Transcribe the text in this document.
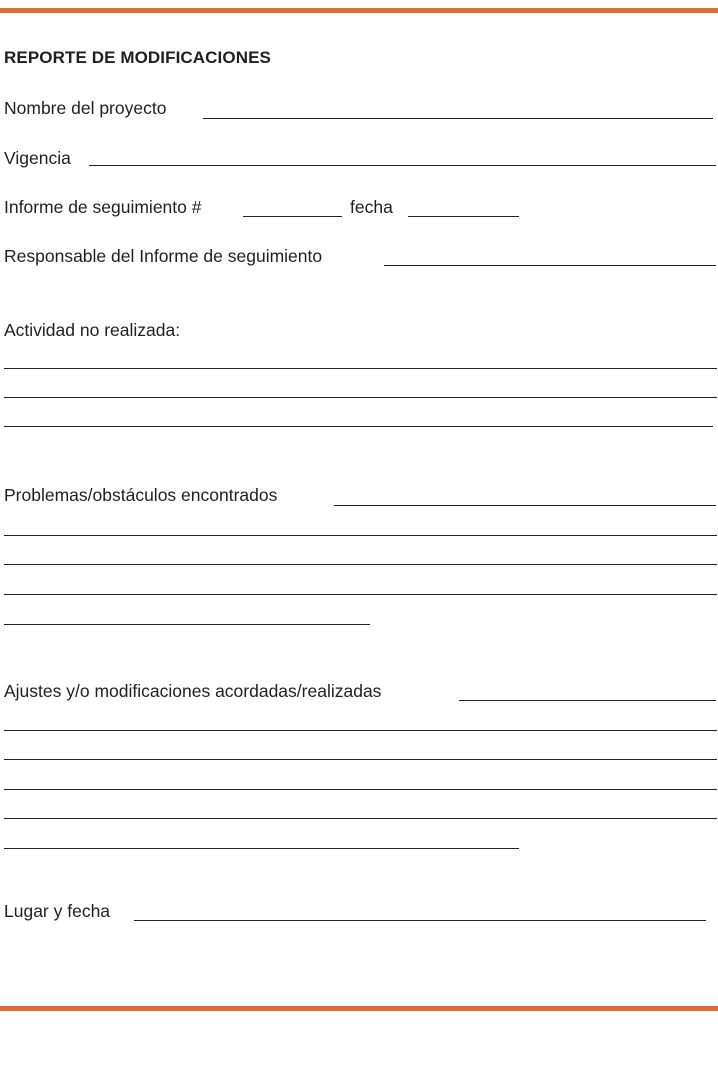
REPORTE DE MODIFICACIONES
Nombre del proyecto
Vigencia
Informe de seguimiento #	fecha
Responsable del Informe de seguimiento
Actividad no realizada:
Problemas/obstáculos encontrados
Ajustes y/o modificaciones acordadas/realizadas
Lugar y fecha
